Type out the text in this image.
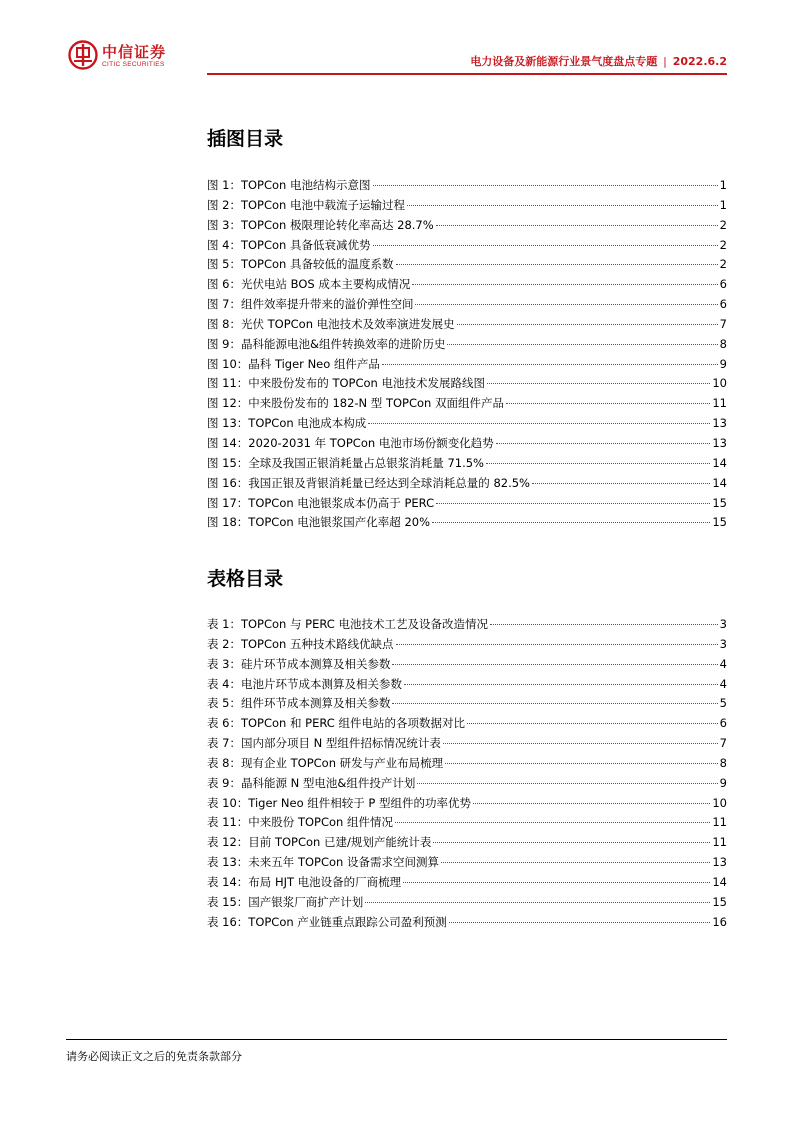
中信证券
CITIC SECURITIES	电力设备及新能源行业景气度盘点专题 | 2022.6.2
插图目录
图 1：TOPCon 电池结构示意图	1
图 2：TOPCon 电池中载流子运输过程	1
图 3：TOPCon 极限理论转化率高达 28.7%	2
图 4：TOPCon 具备低衰减优势	2
图 5：TOPCon 具备较低的温度系数	2
图 6：光伏电站 BOS 成本主要构成情况	6
图 7：组件效率提升带来的溢价弹性空间	6
图 8：光伏 TOPCon 电池技术及效率演进发展史	7
图 9：晶科能源电池&组件转换效率的进阶历史	8
图 10：晶科 Tiger Neo 组件产品	9
图 11：中来股份发布的 TOPCon 电池技术发展路线图	10
图 12：中来股份发布的 182-N 型 TOPCon 双面组件产品	11
图 13：TOPCon 电池成本构成	13
图 14：2020-2031 年 TOPCon 电池市场份额变化趋势	13
图 15：全球及我国正银消耗量占总银浆消耗量 71.5%	14
图 16：我国正银及背银消耗量已经达到全球消耗总量的 82.5%	14
图 17：TOPCon 电池银浆成本仍高于 PERC	15
图 18：TOPCon 电池银浆国产化率超 20%	15
表格目录
表 1：TOPCon 与 PERC 电池技术工艺及设备改造情况	3
表 2：TOPCon 五种技术路线优缺点	3
表 3：硅片环节成本测算及相关参数	4
表 4：电池片环节成本测算及相关参数	4
表 5：组件环节成本测算及相关参数	5
表 6：TOPCon 和 PERC 组件电站的各项数据对比	6
表 7：国内部分项目 N 型组件招标情况统计表	7
表 8：现有企业 TOPCon 研发与产业布局梳理	8
表 9：晶科能源 N 型电池&组件投产计划	9
表 10：Tiger Neo 组件相较于 P 型组件的功率优势	10
表 11：中来股份 TOPCon 组件情况	11
表 12：目前 TOPCon 已建/规划产能统计表	11
表 13：未来五年 TOPCon 设备需求空间测算	13
表 14：布局 HJT 电池设备的厂商梳理	14
表 15：国产银浆厂商扩产计划	15
表 16：TOPCon 产业链重点跟踪公司盈利预测	16
请务必阅读正文之后的免责条款部分
